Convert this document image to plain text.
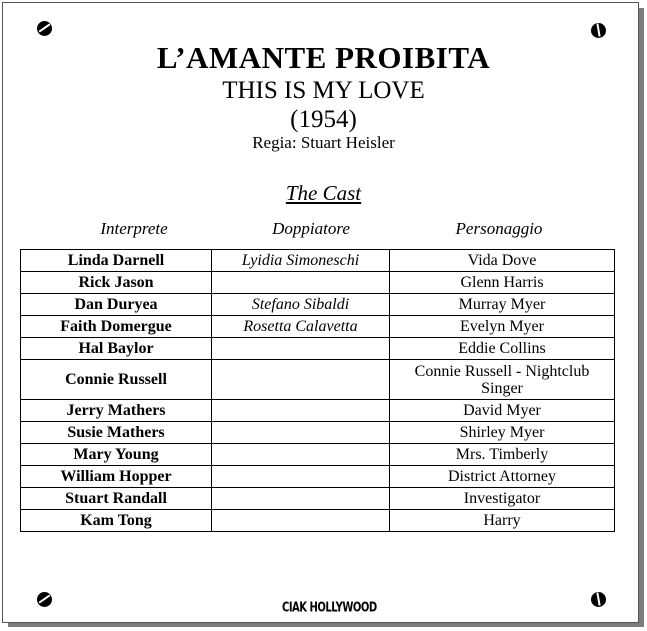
L’AMANTE PROIBITA
THIS IS MY LOVE
(1954)
Regia: Stuart Heisler
The Cast
Interprete	Doppiatore	Personaggio
Linda Darnell	Lyidia Simoneschi	Vida Dove
Rick Jason		Glenn Harris
Dan Duryea	Stefano Sibaldi	Murray Myer
Faith Domergue	Rosetta Calavetta	Evelyn Myer
Hal Baylor		Eddie Collins
Connie Russell		Connie Russell - Nightclub Singer
Jerry Mathers		David Myer
Susie Mathers		Shirley Myer
Mary Young		Mrs. Timberly
William Hopper		District Attorney
Stuart Randall		Investigator
Kam Tong		Harry
CIAK HOLLYWOOD
